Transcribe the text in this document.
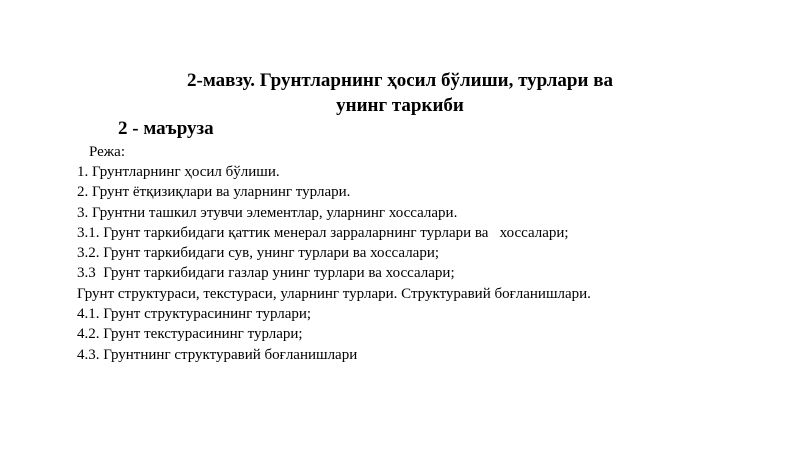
2-мавзу. Грунтларнинг ҳосил бўлиши, турлари ва
унинг таркиби
2 - маъруза
Режа:
1. Грунтларнинг ҳосил бўлиши.
2. Грунт ётқизиқлари ва уларнинг турлари.
3. Грунтни ташкил этувчи элементлар, уларнинг хоссалари.
3.1. Грунт таркибидаги қаттик менерал зарраларнинг турлари ва   хоссалари;
3.2. Грунт таркибидаги сув, унинг турлари ва хоссалари;
3.3  Грунт таркибидаги газлар унинг турлари ва хоссалари;
Грунт структураси, текстураси, уларнинг турлари. Структуравий боғланишлари.
4.1. Грунт структурасининг турлари;
4.2. Грунт текстурасининг турлари;
4.3. Грунтнинг структуравий боғланишлари
